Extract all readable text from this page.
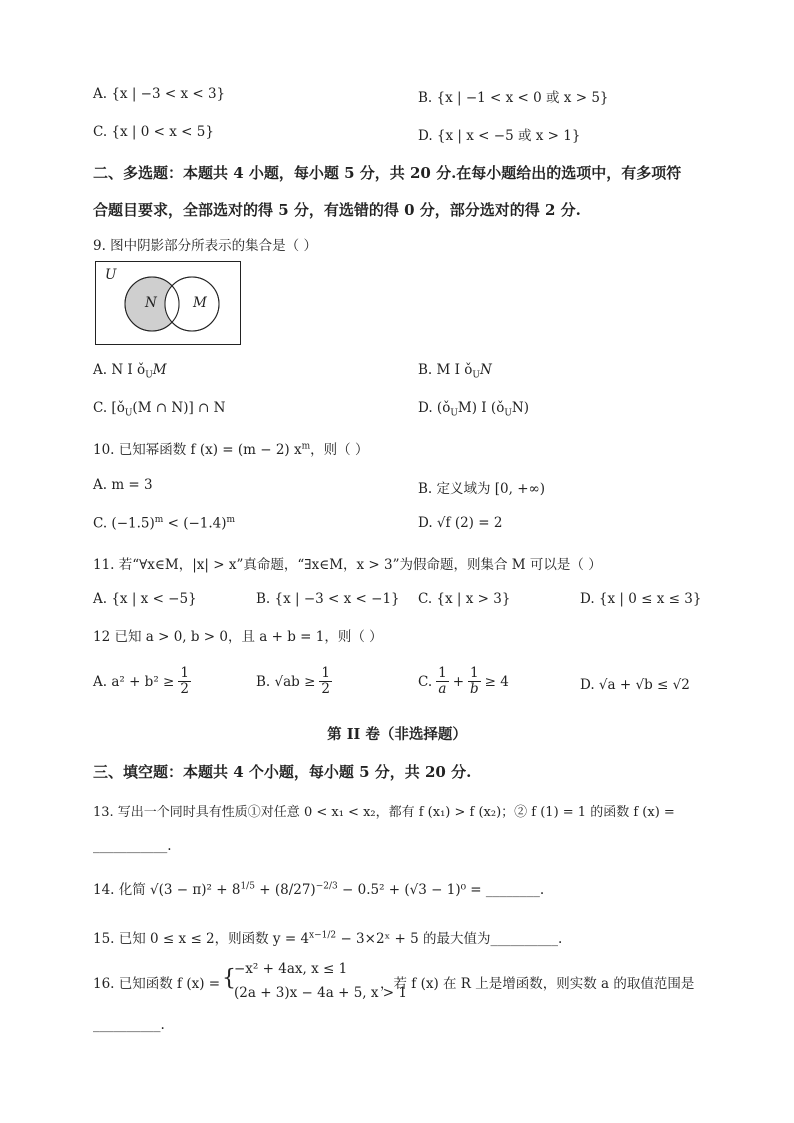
A. {x | −3 < x < 3}	B. {x | −1 < x < 0 或 x > 5}
C. {x | 0 < x < 5}	D. {x | x < −5 或 x > 1}
二、多选题：本题共 4 小题，每小题 5 分，共 20 分.在每小题给出的选项中，有多项符
合题目要求，全部选对的得 5 分，有选错的得 0 分，部分选对的得 2 分.
9. 图中阴影部分所表示的集合是（ ）
U
N	M
A. N I $ǒ_UM$	B. M I $ǒ_UN$
C. [$ǒ_U(M$ ∩ N)] ∩ N	D. $(ǒ_UM)$ I $(ǒ_UN)$
10. 已知幂函数 f (x) = (m − 2) $x^m$，则（ ）
A. m = 3	B. 定义域为 [0, +∞)
C. $(-1.5)^m < (-1.4)^m$	D. √f (2) = 2
11. 若“∀x∈M，|x| > x”真命题，“∃x∈M，x > 3”为假命题，则集合 M 可以是（ ）
A. {x | x < −5}	B. {x | −3 < x < −1} C. {x | x > 3}	D. {x | 0 ≤ x ≤ 3}
12 已知 a > 0, b > 0，且 a + b = 1，则（ ）
A. $a^2 + b^2 \ge \frac{1}{2}$	B. $√ab \ge \frac{1}{2}$	C.
1
$a + \frac{1}{b} \ge 4$	D. √a + √b ≤ √2
第 II 卷（非选择题）
三、填空题：本题共 4 个小题，每小题 5 分，共 20 分.
13. 写出一个同时具有性质①对任意 0 < x₁ < x₂，都有 f (x₁) > f (x₂)；② f (1) = 1 的函数 f (x) =
___________.
14. 化简 $√(3 - \pi)^2 + 8^{1/5} + (8/27)^{-2/3} - 0.5^2 + (√3 - 1)^0$ = ________.
15. 已知 0 ≤ x ≤ 2，则函数 $y = 4^{x-1/2}$ − 3×2ˣ + 5 的最大值为__________.
16. 已知函数 f (x) = {
−x² + 4ax, x ≤ 1
(2a + 3)x − 4a + 5, x > 1
，若 f (x) 在 R 上是增函数，则实数 a 的取值范围是
__________.
